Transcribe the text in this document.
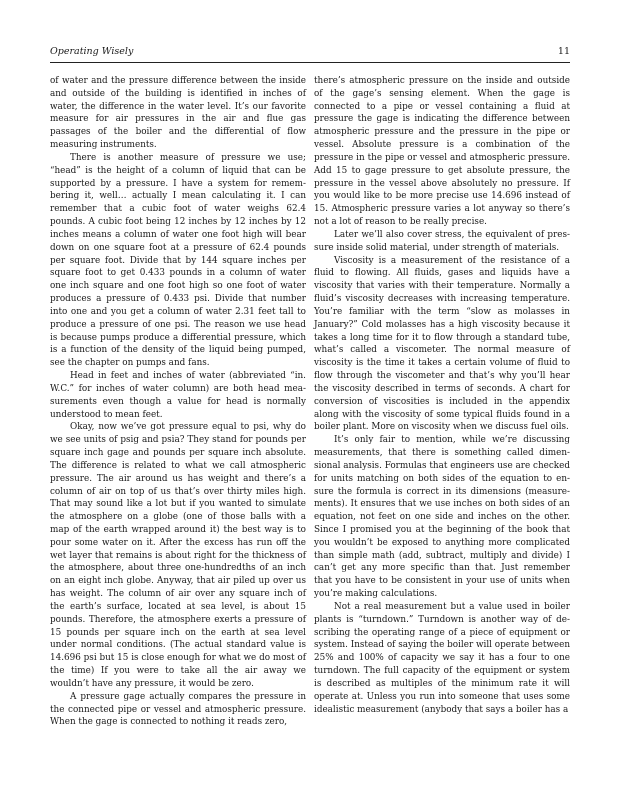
Operating Wisely	11

of water and the pressure difference between the inside and outside of the building is identified in inches of water, the difference in the water level. It’s our favorite measure for air pressures in the air and flue gas passages of the boiler and the differential of flow measuring instruments.

There is another measure of pressure we use; “head” is the height of a column of liquid that can be supported by a pressure. I have a system for remembering it, well… actually I mean calculating it. I can remember that a cubic foot of water weighs 62.4 pounds. A cubic foot being 12 inches by 12 inches by 12 inches means a column of water one foot high will bear down on one square foot at a pressure of 62.4 pounds per square foot. Divide that by 144 square inches per square foot to get 0.433 pounds in a column of water one inch square and one foot high so one foot of water produces a pressure of 0.433 psi. Divide that number into one and you get a column of water 2.31 feet tall to produce a pressure of one psi. The reason we use head is because pumps produce a differential pressure, which is a function of the density of the liquid being pumped, see the chapter on pumps and fans.

Head in feet and inches of water (abbreviated “in. W.C.” for inches of water column) are both head measurements even though a value for head is normally understood to mean feet.

Okay, now we’ve got pressure equal to psi, why do we see units of psig and psia? They stand for pounds per square inch gage and pounds per square inch absolute. The difference is related to what we call atmospheric pressure. The air around us has weight and there’s a column of air on top of us that’s over thirty miles high. That may sound like a lot but if you wanted to simulate the atmosphere on a globe (one of those balls with a map of the earth wrapped around it) the best way is to pour some water on it. After the excess has run off the wet layer that remains is about right for the thickness of the atmosphere, about three one-hundredths of an inch on an eight inch globe. Anyway, that air piled up over us has weight. The column of air over any square inch of the earth’s surface, located at sea level, is about 15 pounds. Therefore, the atmosphere exerts a pressure of 15 pounds per square inch on the earth at sea level under normal conditions. (The actual standard value is 14.696 psi but 15 is close enough for what we do most of the time) If you were to take all the air away we wouldn’t have any pressure, it would be zero.

A pressure gage actually compares the pressure in the connected pipe or vessel and atmospheric pressure. When the gage is connected to nothing it reads zero,

there’s atmospheric pressure on the inside and outside of the gage’s sensing element. When the gage is connected to a pipe or vessel containing a fluid at pressure the gage is indicating the difference between atmospheric pressure and the pressure in the pipe or vessel. Absolute pressure is a combination of the pressure in the pipe or vessel and atmospheric pressure. Add 15 to gage pressure to get absolute pressure, the pressure in the vessel above absolutely no pressure. If you would like to be more precise use 14.696 instead of 15. Atmospheric pressure varies a lot anyway so there’s not a lot of reason to be really precise.

Later we’ll also cover stress, the equivalent of pressure inside solid material, under strength of materials.

Viscosity is a measurement of the resistance of a fluid to flowing. All fluids, gases and liquids have a viscosity that varies with their temperature. Normally a fluid’s viscosity decreases with increasing temperature. You’re familiar with the term “slow as molasses in January?” Cold molasses has a high viscosity because it takes a long time for it to flow through a standard tube, what’s called a viscometer. The normal measure of viscosity is the time it takes a certain volume of fluid to flow through the viscometer and that’s why you’ll hear the viscosity described in terms of seconds. A chart for conversion of viscosities is included in the appendix along with the viscosity of some typical fluids found in a boiler plant. More on viscosity when we discuss fuel oils.

It’s only fair to mention, while we’re discussing measurements, that there is something called dimensional analysis. Formulas that engineers use are checked for units matching on both sides of the equation to ensure the formula is correct in its dimensions (measurements). It ensures that we use inches on both sides of an equation, not feet on one side and inches on the other. Since I promised you at the beginning of the book that you wouldn’t be exposed to anything more complicated than simple math (add, subtract, multiply and divide) I can’t get any more specific than that. Just remember that you have to be consistent in your use of units when you’re making calculations.

Not a real measurement but a value used in boiler plants is “turndown.” Turndown is another way of describing the operating range of a piece of equipment or system. Instead of saying the boiler will operate between 25% and 100% of capacity we say it has a four to one turndown. The full capacity of the equipment or system is described as multiples of the minimum rate it will operate at. Unless you run into someone that uses some idealistic measurement (anybody that says a boiler has a
